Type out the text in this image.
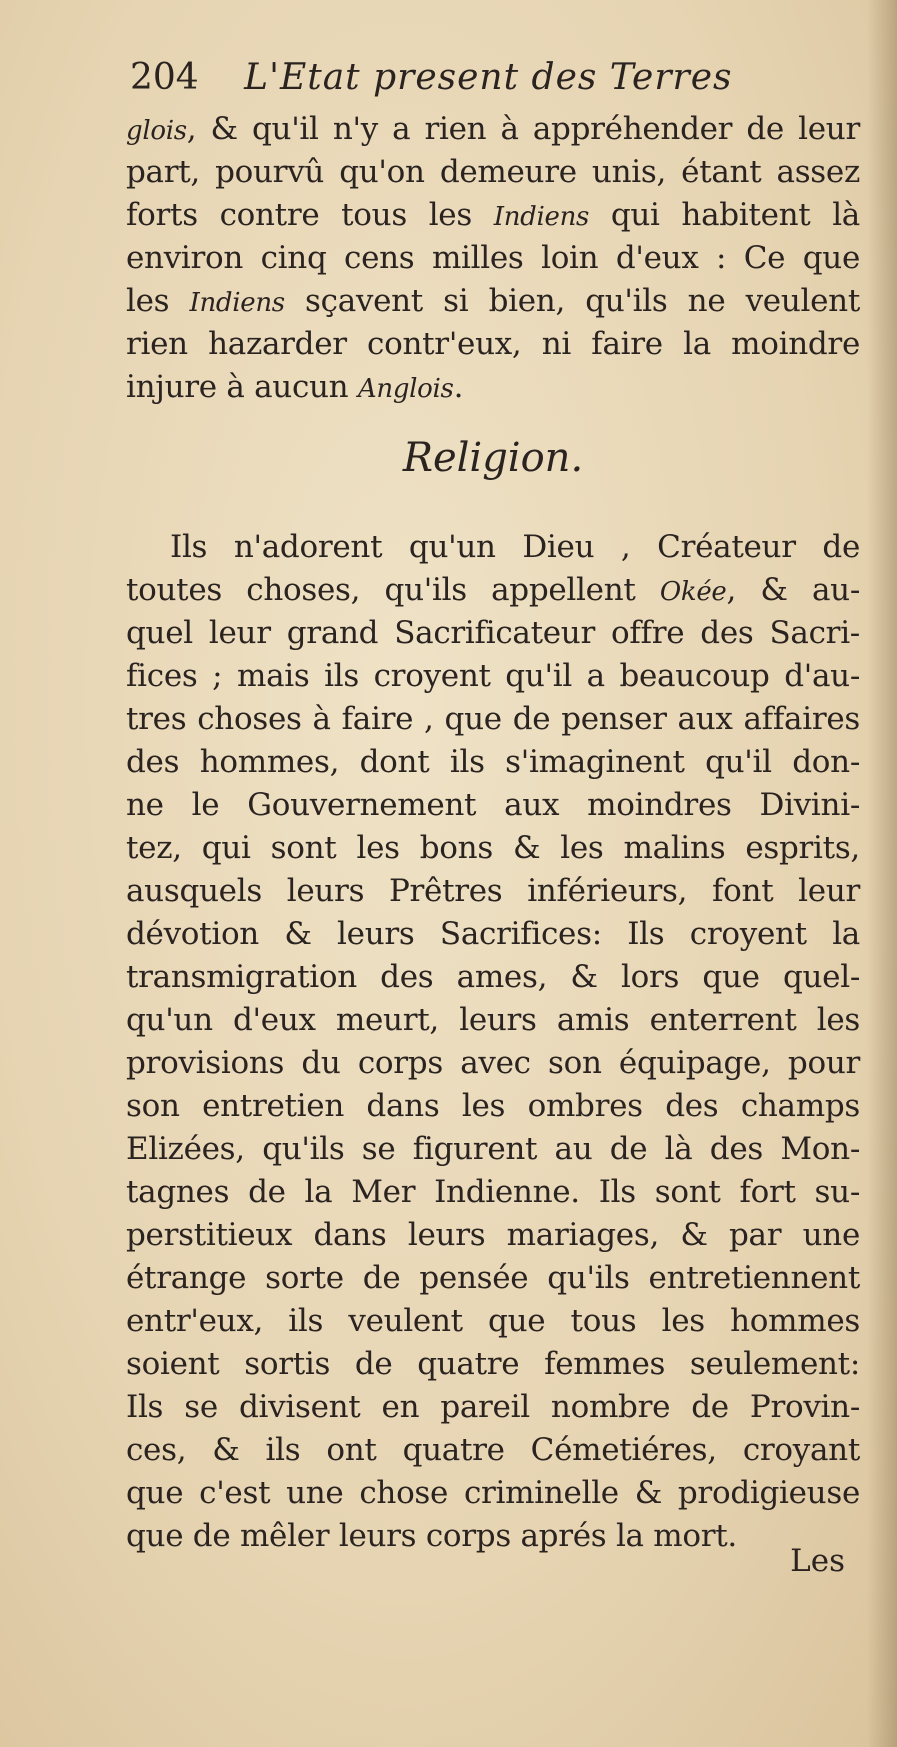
204 L'Etat present des Terres
glois, & qu'il n'y a rien à appréhender de leur
part, pourvû qu'on demeure unis, étant assez
forts contre tous les Indiens qui habitent là
environ cinq cens milles loin d'eux : Ce que
les Indiens sçavent si bien, qu'ils ne veulent
rien hazarder contr'eux, ni faire la moindre
injure à aucun Anglois.
Religion.
Ils n'adorent qu'un Dieu , Créateur de
toutes choses, qu'ils appellent Okée, & au-
quel leur grand Sacrificateur offre des Sacri-
fices ; mais ils croyent qu'il a beaucoup d'au-
tres choses à faire , que de penser aux affaires
des hommes, dont ils s'imaginent qu'il don-
ne le Gouvernement aux moindres Divini-
tez, qui sont les bons & les malins esprits,
ausquels leurs Prêtres inférieurs, font leur
dévotion & leurs Sacrifices: Ils croyent la
transmigration des ames, & lors que quel-
qu'un d'eux meurt, leurs amis enterrent les
provisions du corps avec son équipage, pour
son entretien dans les ombres des champs
Elizées, qu'ils se figurent au de là des Mon-
tagnes de la Mer Indienne. Ils sont fort su-
perstitieux dans leurs mariages, & par une
étrange sorte de pensée qu'ils entretiennent
entr'eux, ils veulent que tous les hommes
soient sortis de quatre femmes seulement:
Ils se divisent en pareil nombre de Provin-
ces, & ils ont quatre Cémetiéres, croyant
que c'est une chose criminelle & prodigieuse
que de mêler leurs corps aprés la mort.
Les
